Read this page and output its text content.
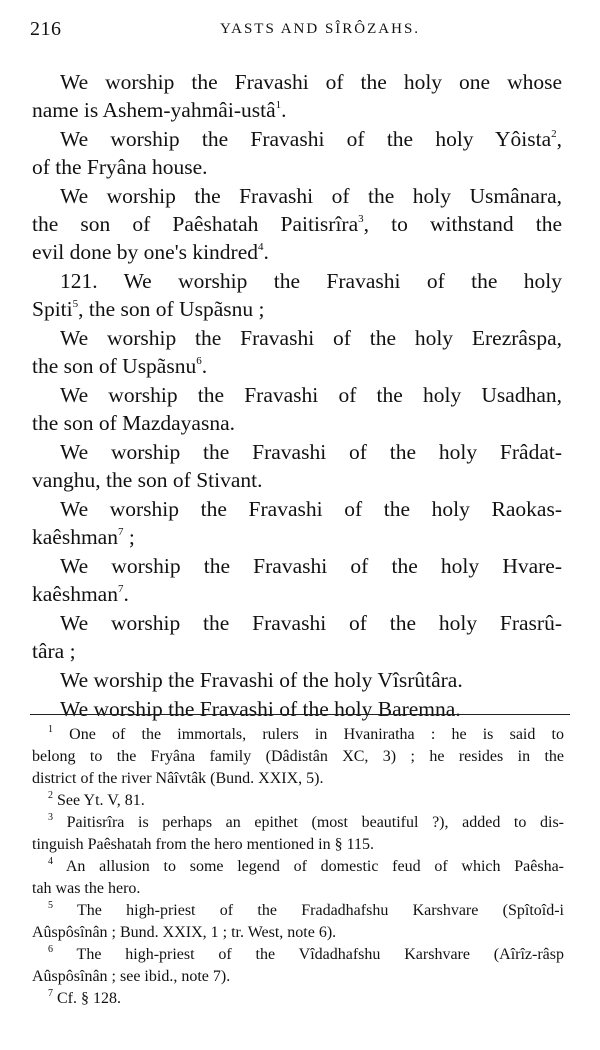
216	YASTS AND SÎRÔZAHS.
We worship the Fravashi of the holy one whose
name is Ashem-yahmâi-ustâ$^1$.
We worship the Fravashi of the holy Yôista$^2$,
of the Fryâna house.
We worship the Fravashi of the holy Usmânara,
the son of Paêshatah Paitisrîra$^3$, to withstand the
evil done by one's kindred$^4$.
121. We worship the Fravashi of the holy
Spiti$^5$, the son of Uspãsnu ;
We worship the Fravashi of the holy Erezrâspa,
the son of Uspãsnu$^6$.
We worship the Fravashi of the holy Usadhan,
the son of Mazdayasna.
We worship the Fravashi of the holy Frâdat-
vanghu, the son of Stivant.
We worship the Fravashi of the holy Raokas-
kaêshman$^7$ ;
We worship the Fravashi of the holy Hvare-
kaêshman$^7$.
We worship the Fravashi of the holy Frasrû-
târa ;
We worship the Fravashi of the holy Vîsrûtâra.
We worship the Fravashi of the holy Baremna.
$^1$ One of the immortals, rulers in Hvaniratha : he is said to
belong to the Fryâna family (Dâdistân XC, 3) ; he resides in the
district of the river Nâîvtâk (Bund. XXIX, 5).
$^2$ See Yt. V, 81.
$^3$ Paitisrîra is perhaps an epithet (most beautiful ?), added to dis-
tinguish Paêshatah from the hero mentioned in § 115.
$^4$ An allusion to some legend of domestic feud of which Paêsha-
tah was the hero.
$^5$ The high-priest of the Fradadhafshu Karshvare (Spîtoîd-i
Aûspôsînân ; Bund. XXIX, 1 ; tr. West, note 6).
$^6$ The high-priest of the Vîdadhafshu Karshvare (Aîrîz-râsp
Aûspôsînân ; see ibid., note 7).
$^7$ Cf. § 128.
